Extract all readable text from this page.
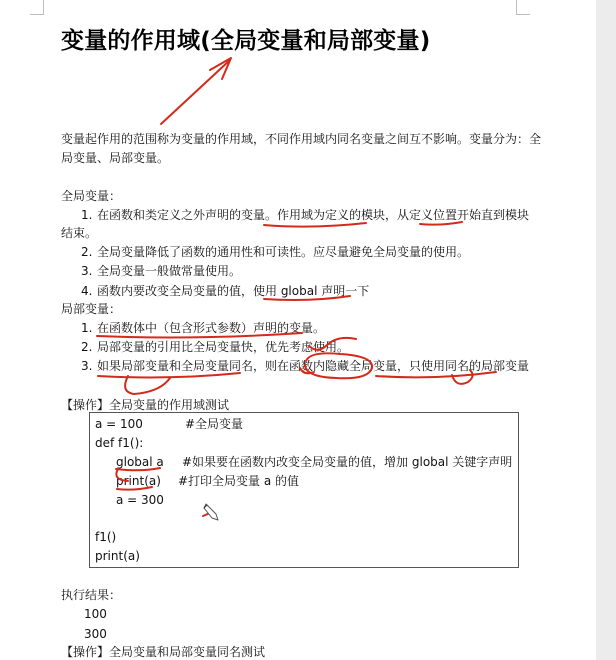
变量的作用域(全局变量和局部变量)

变量起作用的范围称为变量的作用域，不同作用域内同名变量之间互不影响。变量分为：全

局变量、局部变量。

全局变量：

1. 在函数和类定义之外声明的变量。作用域为定义的模块，从定义位置开始直到模块
结束。
2. 全局变量降低了函数的通用性和可读性。应尽量避免全局变量的使用。
3. 全局变量一般做常量使用。
4. 函数内要改变全局变量的值，使用 global 声明一下

局部变量：

1. 在函数体中（包含形式参数）声明的变量。
2. 局部变量的引用比全局变量快，优先考虑使用。
3. 如果局部变量和全局变量同名，则在函数内隐藏全局变量，只使用同名的局部变量

【操作】全局变量的作用域测试

a = 100	#全局变量
def f1():
global a #如果要在函数内改变全局变量的值，增加 global 关键字声明
print(a) #打印全局变量 a 的值
a = 300
f1()
print(a)

执行结果：

100
300

【操作】全局变量和局部变量同名测试
